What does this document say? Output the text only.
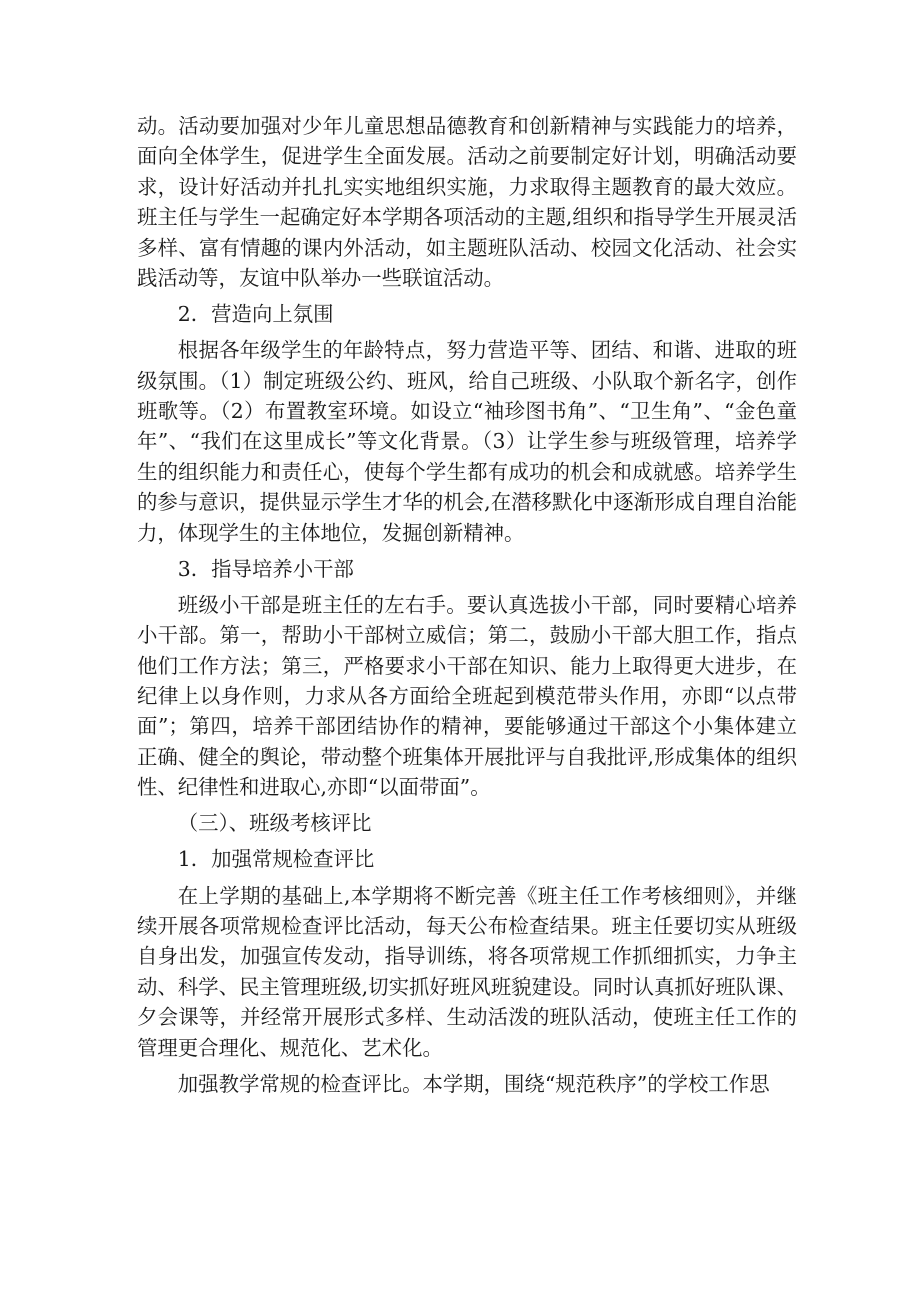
动。活动要加强对少年儿童思想品德教育和创新精神与实践能力的培养，面向全体学生，促进学生全面发展。活动之前要制定好计划，明确活动要求，设计好活动并扎扎实实地组织实施，力求取得主题教育的最大效应。班主任与学生一起确定好本学期各项活动的主题,组织和指导学生开展灵活多样、富有情趣的课内外活动，如主题班队活动、校园文化活动、社会实践活动等，友谊中队举办一些联谊活动。

2．营造向上氛围

根据各年级学生的年龄特点，努力营造平等、团结、和谐、进取的班级氛围。（1）制定班级公约、班风，给自己班级、小队取个新名字，创作班歌等。（2）布置教室环境。如设立“袖珍图书角”、“卫生角”、“金色童年”、“我们在这里成长”等文化背景。（3）让学生参与班级管理，培养学生的组织能力和责任心，使每个学生都有成功的机会和成就感。培养学生的参与意识，提供显示学生才华的机会,在潜移默化中逐渐形成自理自治能力，体现学生的主体地位，发掘创新精神。

3．指导培养小干部

班级小干部是班主任的左右手。要认真选拔小干部，同时要精心培养小干部。第一，帮助小干部树立威信；第二，鼓励小干部大胆工作，指点他们工作方法；第三，严格要求小干部在知识、能力上取得更大进步，在纪律上以身作则，力求从各方面给全班起到模范带头作用，亦即“以点带面”；第四，培养干部团结协作的精神，要能够通过干部这个小集体建立正确、健全的舆论，带动整个班集体开展批评与自我批评,形成集体的组织性、纪律性和进取心,亦即“以面带面”。

（三）、班级考核评比

1．加强常规检查评比

在上学期的基础上,本学期将不断完善《班主任工作考核细则》，并继续开展各项常规检查评比活动，每天公布检查结果。班主任要切实从班级自身出发，加强宣传发动，指导训练，将各项常规工作抓细抓实，力争主动、科学、民主管理班级,切实抓好班风班貌建设。同时认真抓好班队课、夕会课等，并经常开展形式多样、生动活泼的班队活动，使班主任工作的管理更合理化、规范化、艺术化。

加强教学常规的检查评比。本学期，围绕“规范秩序”的学校工作思
